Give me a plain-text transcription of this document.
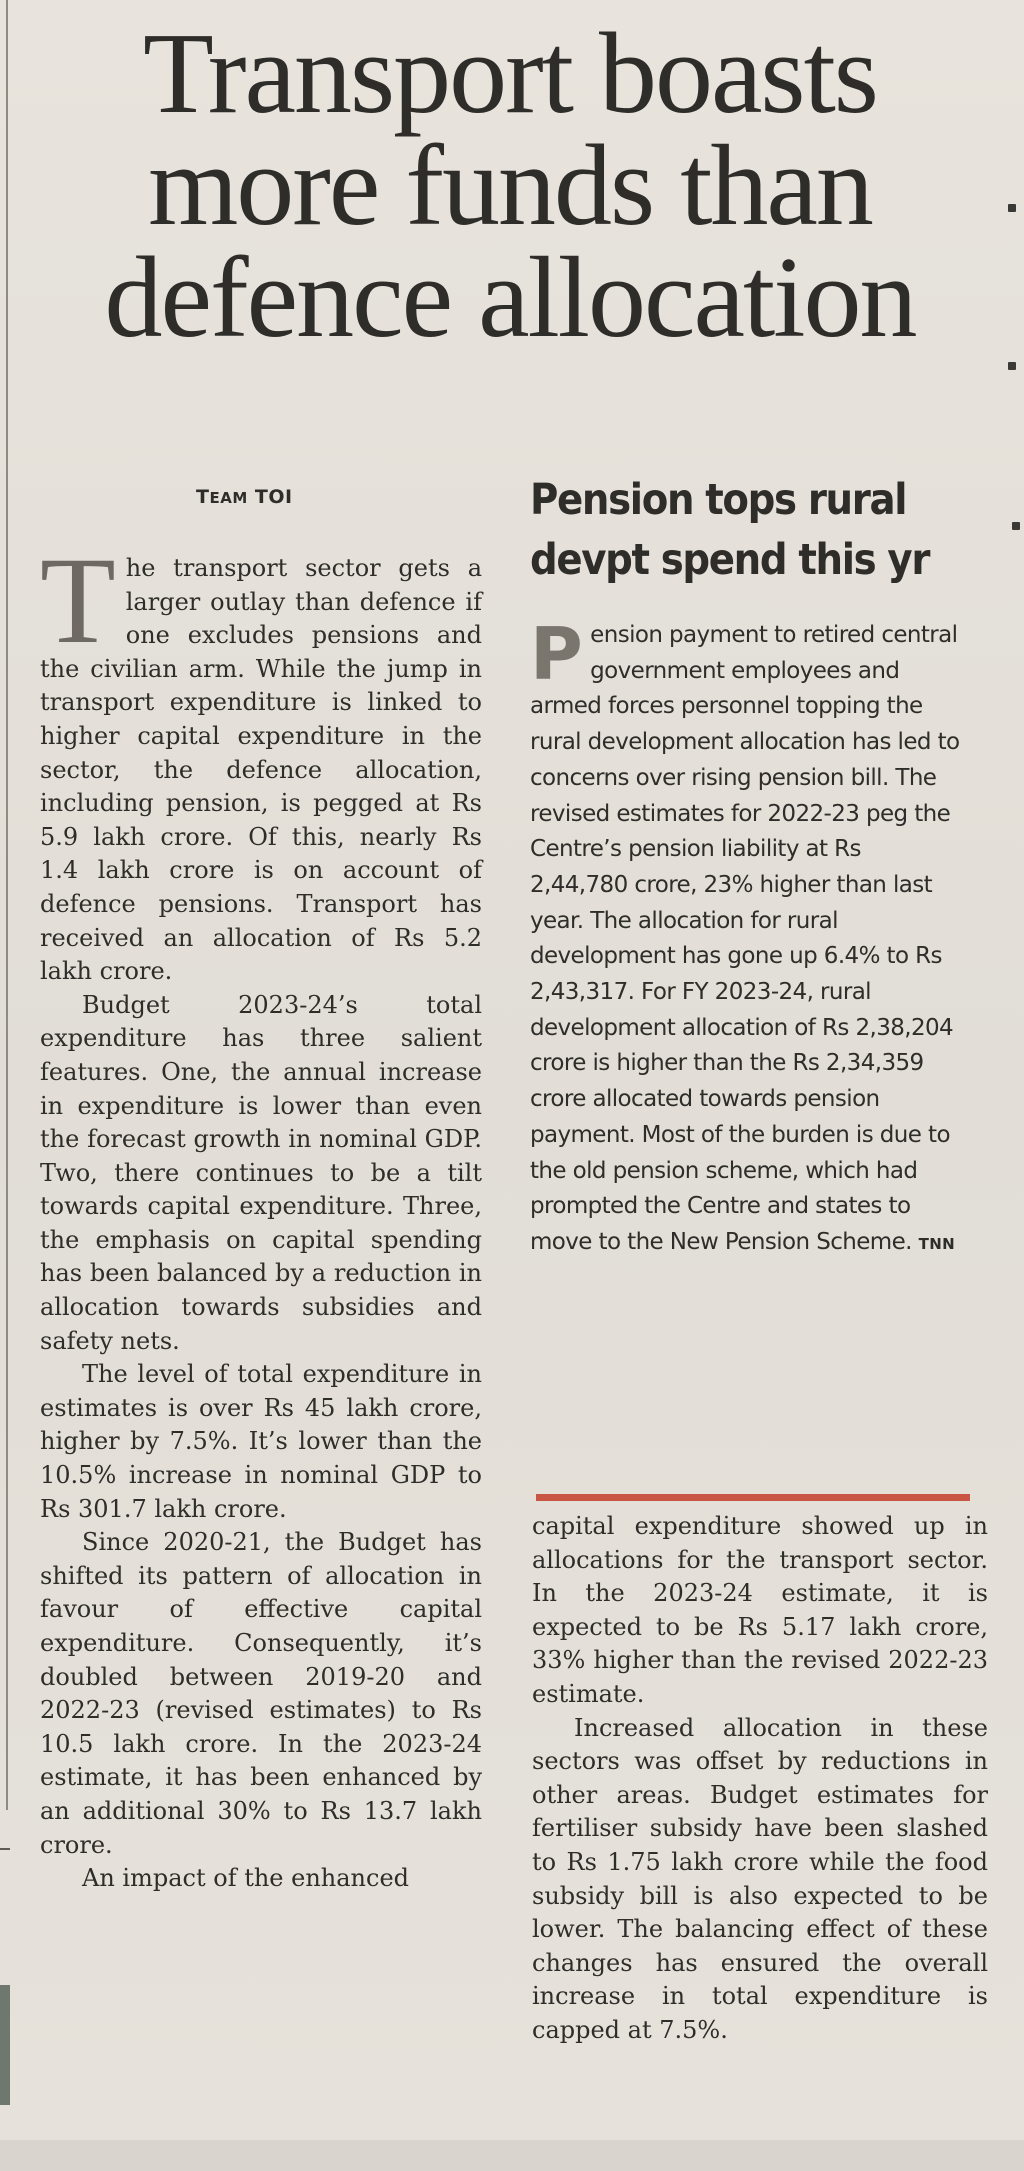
Transport boasts
more funds than
defence allocation
TEAM TOI

The transport sector gets a larger outlay than defence if one excludes pensions and the civilian arm. While the jump in transport expenditure is linked to higher capital expenditure in the sector, the defence allocation, including pension, is pegged at Rs 5.9 lakh crore. Of this, nearly Rs 1.4 lakh crore is on account of defence pensions. Transport has received an allocation of Rs 5.2 lakh crore.

Budget 2023-24’s total expenditure has three salient features. One, the annual increase in expenditure is lower than even the forecast growth in nominal GDP. Two, there continues to be a tilt towards capital expenditure. Three, the emphasis on capital spending has been balanced by a reduction in allocation towards subsidies and safety nets.

The level of total expenditure in estimates is over Rs 45 lakh crore, higher by 7.5%. It’s lower than the 10.5% increase in nominal GDP to Rs 301.7 lakh crore.

Since 2020-21, the Budget has shifted its pattern of allocation in favour of effective capital expenditure. Consequently, it’s doubled between 2019-20 and 2022-23 (revised estimates) to Rs 10.5 lakh crore. In the 2023-24 estimate, it has been enhanced by an additional 30% to Rs 13.7 lakh crore.

An impact of the enhanced

Pension tops rural
devpt spend this yr

Pension payment to retired central government employees and armed forces personnel topping the rural development allocation has led to concerns over rising pension bill. The revised estimates for 2022-23 peg the Centre’s pension liability at Rs 2,44,780 crore, 23% higher than last year. The allocation for rural development has gone up 6.4% to Rs 2,43,317. For FY 2023-24, rural development allocation of Rs 2,38,204 crore is higher than the Rs 2,34,359 crore allocated towards pension payment. Most of the burden is due to the old pension scheme, which had prompted the Centre and states to move to the New Pension Scheme. TNN

capital expenditure showed up in allocations for the transport sector. In the 2023-24 estimate, it is expected to be Rs 5.17 lakh crore, 33% higher than the revised 2022-23 estimate.

Increased allocation in these sectors was offset by reductions in other areas. Budget estimates for fertiliser subsidy have been slashed to Rs 1.75 lakh crore while the food subsidy bill is also expected to be lower. The balancing effect of these changes has ensured the overall increase in total expenditure is capped at 7.5%.
